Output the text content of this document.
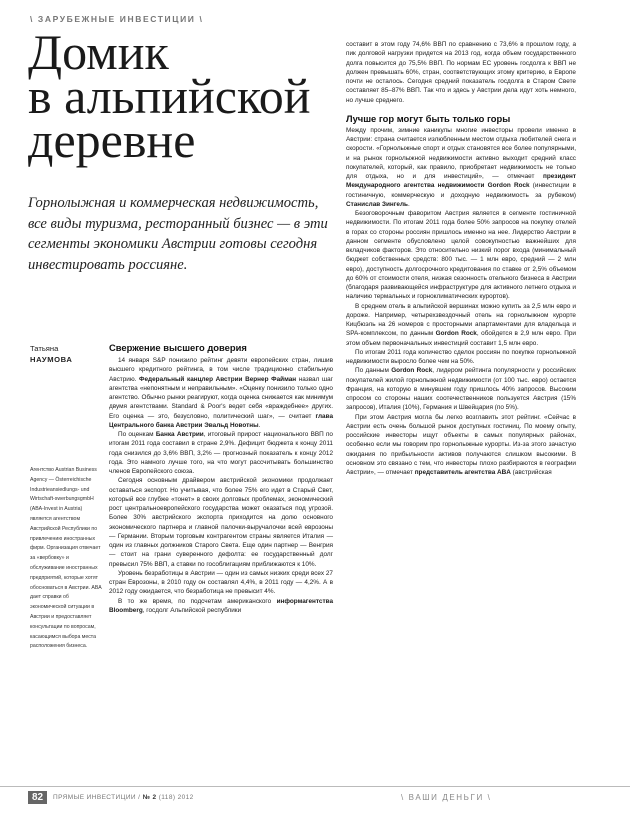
\ ЗАРУБЕЖНЫЕ ИНВЕСТИЦИИ \
Домик
в альпийской
деревне

Горнолыжная и коммерческая недвижимость, все виды туризма, ресторанный бизнес — в эти сегменты экономики Австрии готовы сегодня инвестировать россияне.

Татьяна
НАУМОВА
Агентство Austrian Business Agency — Österreichische Industrieansiedlungs- und Wirtschaft-swerbungsgmbH (ABA-Invest in Austria) является агентством Австрийской Республики по привлечению иностранных фирм. Организация отвечает за «вербовку» и обслуживание иностранных предприятий, которые хотят обосноваться в Австрии. ABA дает справки об экономической ситуации в Австрии и предоставляет консультации по вопросам, касающимся выбора места расположения бизнеса.
Свержение высшего доверия

14 января S&P понизило рейтинг девяти европейских стран, лишив высшего кредитного рейтинга, в том числе традиционно стабильную Австрию. Федеральный канцлер Австрии Вернер Файман назвал шаг агентства «непонятным и неправильным». «Оценку понизило только одно агентство. Обычно рынки реагируют, когда оценка снижается как минимум двумя агентствами. Standard & Poor's ведет себя «враждебнее» других. Его оценка — это, безусловно, политический шаг», — считает глава Центрального банка Австрии Эвальд Новотны.

По оценкам Банка Австрии, итоговый прирост национального ВВП по итогам 2011 года составил в стране 2,9%. Дефицит бюджета к концу 2011 года снизился до 3,6% ВВП, 3,2% — прогнозный показатель к концу 2012 года. Это намного лучше того, на что могут рассчитывать большинство членов Европейского союза.

Сегодня основным драйвером австрийской экономики продолжает оставаться экспорт. Но учитывая, что более 75% его идет в Старый Свет, который все глубже «тонет» в своих долговых проблемах, экономический рост центральноевропейского государства может оказаться под угрозой. Более 30% австрийского экспорта приходится на долю основного экономического партнера и главной палочки-выручалочки всей еврозоны — Германии. Вторым торговым контрагентом страны является Италия — один из главных должников Старого Света. Еще один партнер — Венгрия — стоит на грани суверенного дефолта: ее государственный долг превысил 75% ВВП, а ставки по гособлигациям приближаются к 10%.

Уровень безработицы в Австрии — один из самых низких среди всех 27 стран Еврозоны, в 2010 году он составлял 4,4%, в 2011 году — 4,2%. А в 2012 году ожидается, что безработица не превысит 4%.

В то же время, по подсчетам американского информагентства Bloomberg, госдолг Альпийской республики

составит в этом году 74,6% ВВП по сравнению с 73,6% в прошлом году, а пик долговой нагрузки придется на 2013 год, когда объем государственного долга повысится до 75,5% ВВП. По нормам ЕС уровень госдолга к ВВП не должен превышать 60%, стран, соответствующих этому критерию, в Европе почти не осталось. Сегодня средний показатель госдолга в Старом Свете составляет 85–87% ВВП. Так что и здесь у Австрии дела идут хоть немного, но лучше среднего.

Лучше гор могут быть только горы

Между прочим, зимние каникулы многие инвесторы провели именно в Австрии: страна считается излюбленным местом отдыха любителей снега и скорости. «Горнолыжные спорт и отдых становятся все более популярными, и на рынок горнолыжной недвижимости активно выходит средний класс покупателей, который, как правило, приобретает недвижимость не только для отдыха, но и для инвестиций», — отмечает президент Международного агентства недвижимости Gordon Rock (инвестиции в гостиничную, коммерческую и доходную недвижимость за рубежом) Станислав Зингель.

Безоговорочным фаворитом Австрия является в сегменте гостиничной недвижимости. По итогам 2011 года более 50% запросов на покупку отелей в горах со стороны россиян пришлось именно на нее. Лидерство Австрии в данном сегменте обусловлено целой совокупностью важнейших для вкладчиков факторов. Это относительно низкий порог входа (минимальный бюджет собственных средств: 800 тыс. — 1 млн евро, средний — 2 млн евро), доступность долгосрочного кредитования по ставке от 2,5% объемом до 60% от стоимости отеля, низкая сезонность отельного бизнеса в Австрии (благодаря развивающейся инфраструктуре для активного летнего отдыха и наличию термальных и горноклиматических курортов).

В среднем отель в альпийской вершинах можно купить за 2,5 млн евро и дороже. Например, четырехзвездочный отель на горнолыжном курорте Кицбюэль на 26 номеров с просторными апартаментами для владельца и SPA-комплексом, по данным Gordon Rock, обойдется в 2,9 млн евро. При этом объем первоначальных инвестиций составит 1,5 млн евро.

По итогам 2011 года количество сделок россиян по покупке горнолыжной недвижимости выросло более чем на 50%.

По данным Gordon Rock, лидером рейтинга популярности у российских покупателей жилой горнолыжной недвижимости (от 100 тыс. евро) остается Франция, на которую в минувшем году пришлось 40% запросов. Высоким спросом со стороны наших соотечественников пользуется Австрия (15% запросов), Италия (10%), Германия и Швейцария (по 5%).

При этом Австрия могла бы легко возглавить этот рейтинг. «Сейчас в Австрии есть очень большой рынок доступных гостиниц. По моему опыту, российские инвесторы ищут объекты в самых популярных районах, особенно если мы говорим про горнолыжные курорты. Из-за этого зачастую ожидания по прибыльности активов получаются слишком высокими. В основном это связано с тем, что инвесторы плохо разбираются в географии Австрии», — отмечает представитель агентства ABA (австрийская

82	ПРЯМЫЕ ИНВЕСТИЦИИ / № 2 (118) 2012	\ ВАШИ ДЕНЬГИ \
